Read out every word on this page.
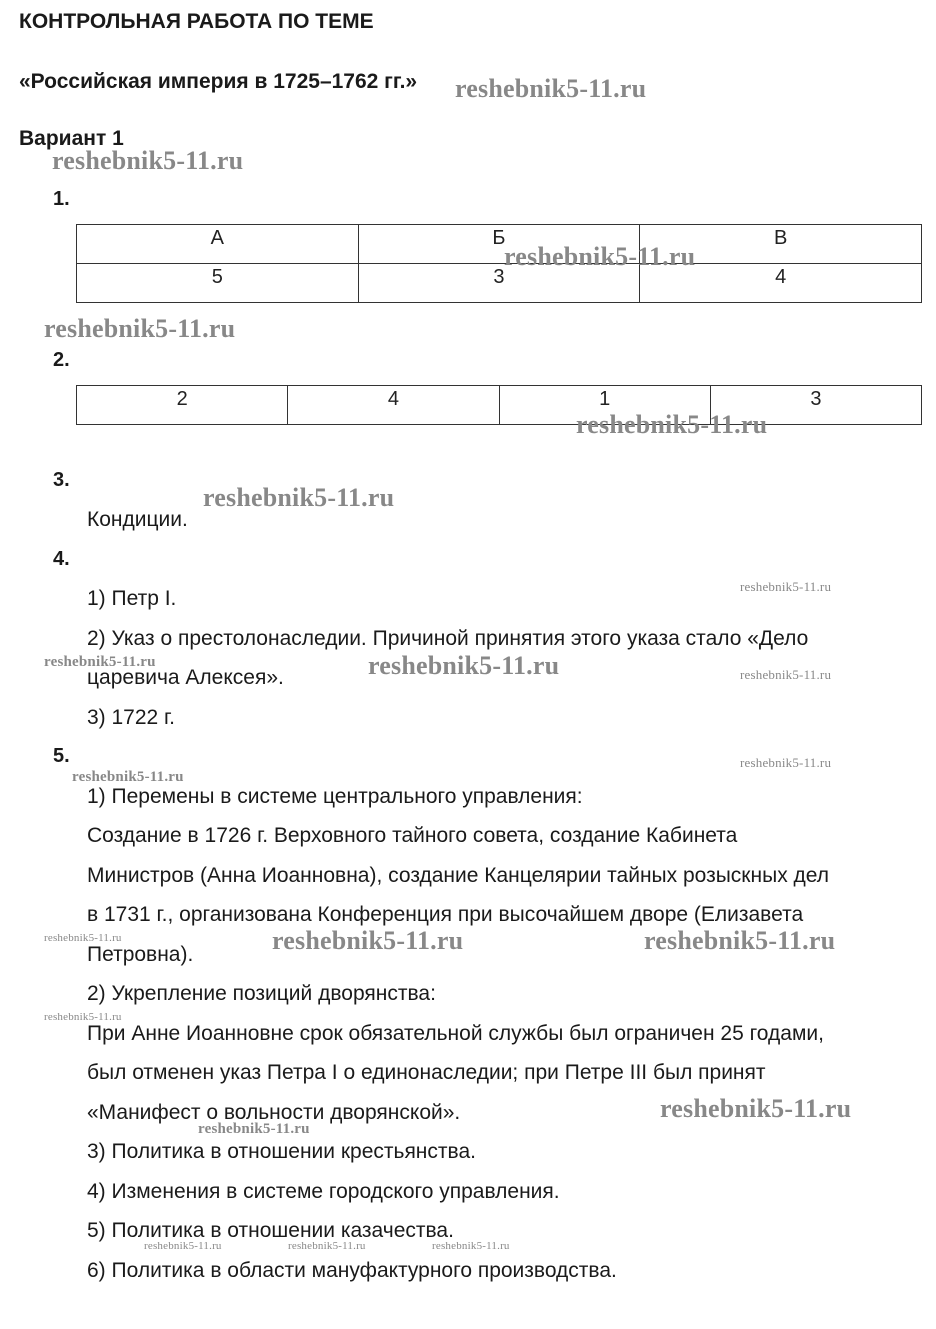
КОНТРОЛЬНАЯ РАБОТА ПО ТЕМЕ
«Российская империя в 1725–1762 гг.»
Вариант 1
1.
А	Б	В
5	3	4
2.
2	4	1	3
3.
Кондиции.
4.
1) Петр I.
2) Указ о престолонаследии. Причиной принятия этого указа стало «Дело
царевича Алексея».
3) 1722 г.
5.
1) Перемены в системе центрального управления:
Создание в 1726 г. Верховного тайного совета, создание Кабинета
Министров (Анна Иоанновна), создание Канцелярии тайных розыскных дел
в 1731 г., организована Конференция при высочайшем дворе (Елизавета
Петровна).
2) Укрепление позиций дворянства:
При Анне Иоанновне срок обязательной службы был ограничен 25 годами,
был отменен указ Петра I о единонаследии; при Петре III был принят
«Манифест о вольности дворянской».
3) Политика в отношении крестьянства.
4) Изменения в системе городского управления.
5) Политика в отношении казачества.
6) Политика в области мануфактурного производства.
reshebnik5-11.ru
reshebnik5-11.ru
reshebnik5-11.ru
reshebnik5-11.ru
reshebnik5-11.ru
reshebnik5-11.ru
reshebnik5-11.ru
reshebnik5-11.ru	reshebnik5-11.ru	reshebnik5-11.ru
reshebnik5-11.ru
reshebnik5-11.ru
reshebnik5-11.ru	reshebnik5-11.ru	reshebnik5-11.ru
reshebnik5-11.ru
reshebnik5-11.ru
reshebnik5-11.ru
reshebnik5-11.ru	reshebnik5-11.ru	reshebnik5-11.ru
